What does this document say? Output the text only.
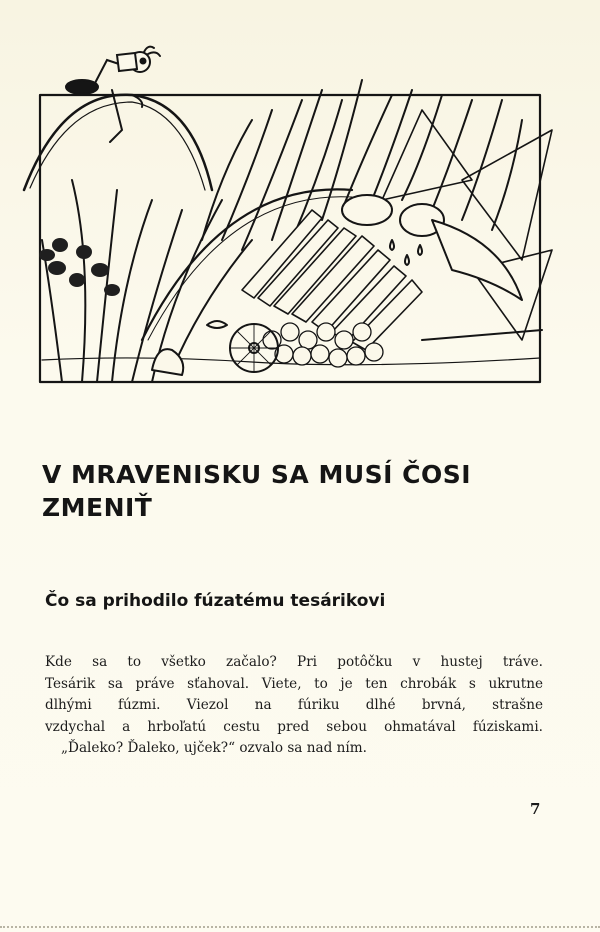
V MRAVENISKU SA MUSÍ ČOSI
ZMENIŤ
Čo sa prihodilo fúzatému tesárikovi

Kde sa to všetko začalo? Pri potôčku v hustej tráve.

Tesárik sa práve sťahoval. Viete, to je ten chrobák s ukrutne

dlhými fúzmi. Viezol na fúriku dlhé brvná, strašne

vzdychal a hrboľatú cestu pred sebou ohmatával fúziskami.

„Ďaleko? Ďaleko, ujček?“ ozvalo sa nad ním.

7
